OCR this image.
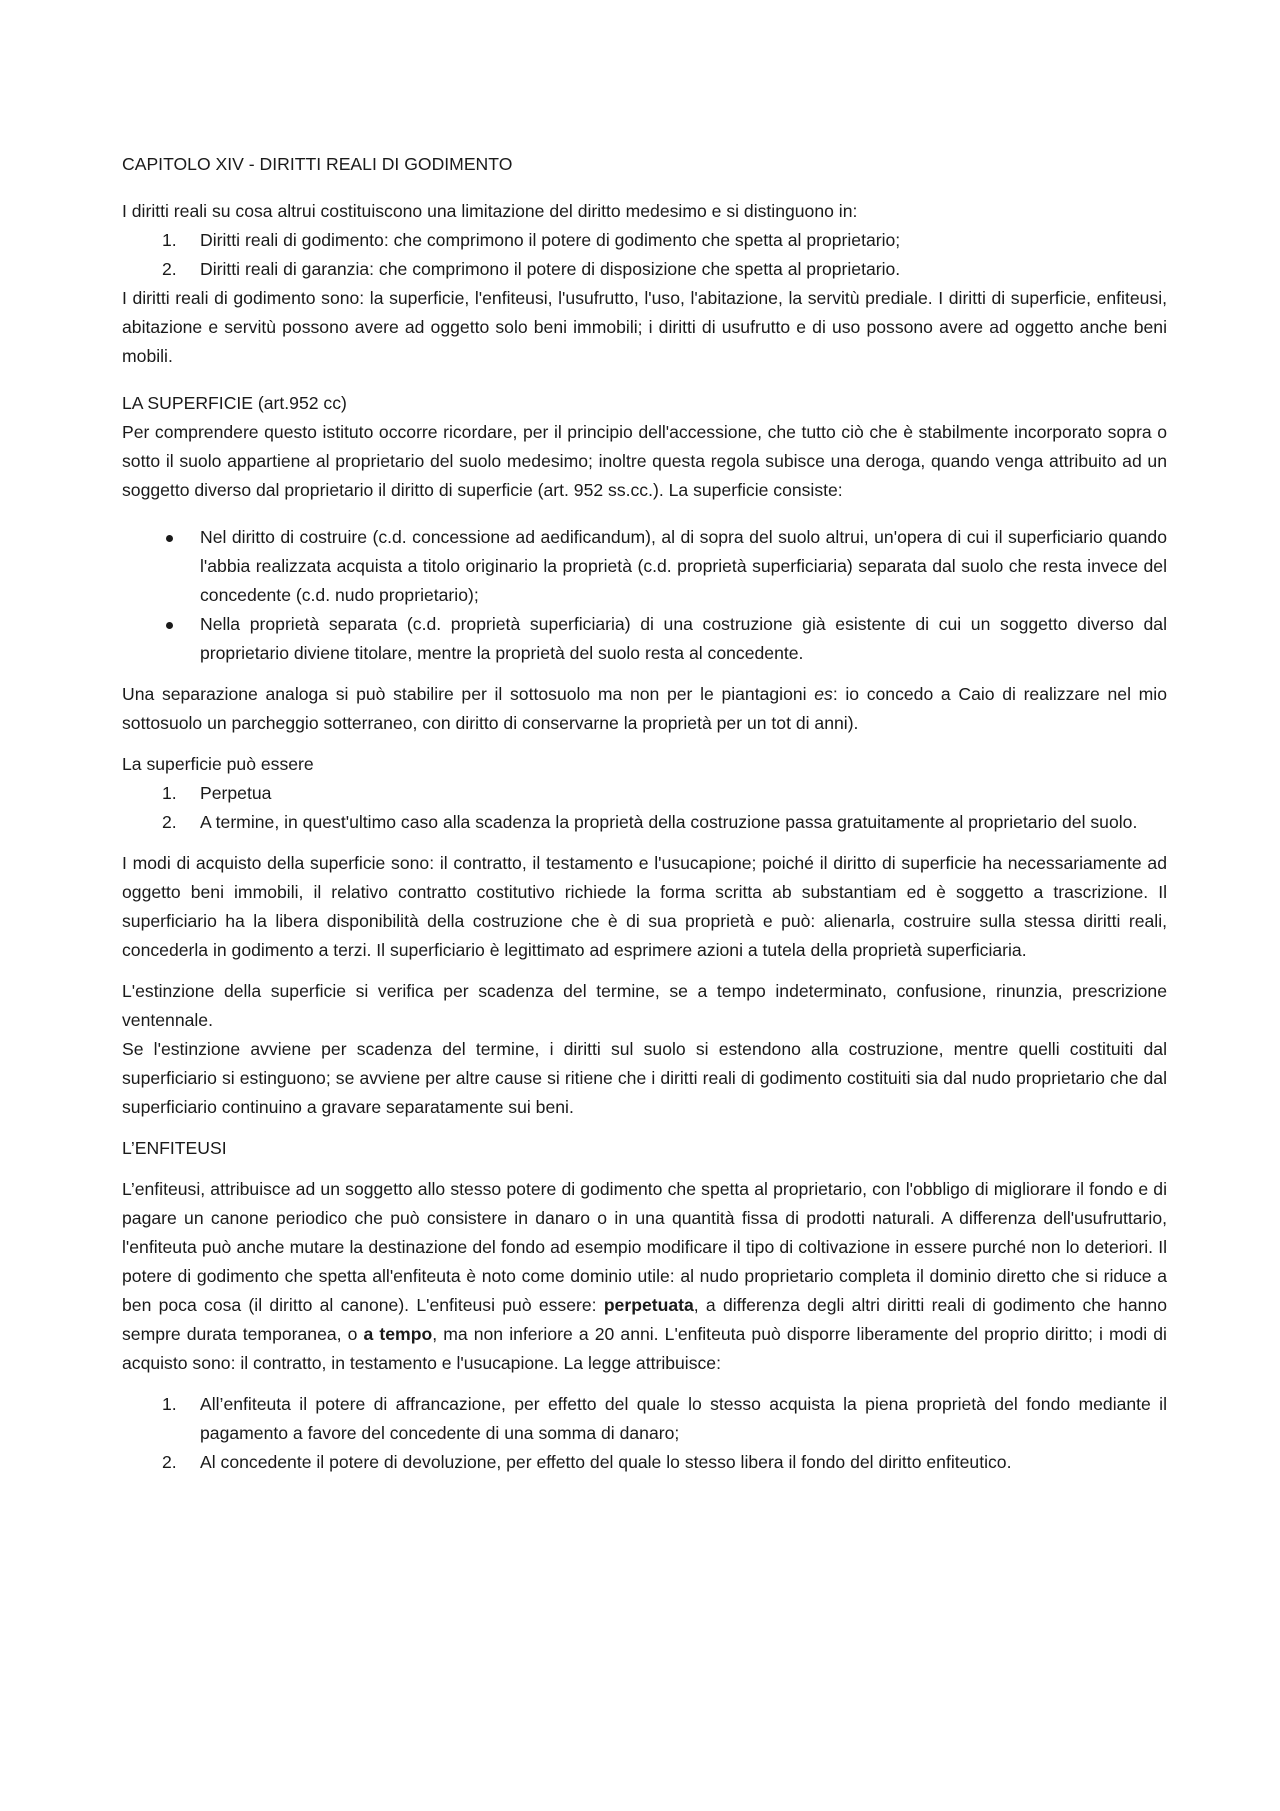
CAPITOLO XIV - DIRITTI REALI DI GODIMENTO

I diritti reali su cosa altrui costituiscono una limitazione del diritto medesimo e si distinguono in:

1. Diritti reali di godimento: che comprimono il potere di godimento che spetta al proprietario;
2. Diritti reali di garanzia: che comprimono il potere di disposizione che spetta al proprietario.

I diritti reali di godimento sono: la superficie, l'enfiteusi, l'usufrutto, l'uso, l'abitazione, la servitù prediale. I diritti di superficie, enfiteusi, abitazione e servitù possono avere ad oggetto solo beni immobili; i diritti di usufrutto e di uso possono avere ad oggetto anche beni mobili.

LA SUPERFICIE (art.952 cc)

Per comprendere questo istituto occorre ricordare, per il principio dell'accessione, che tutto ciò che è stabilmente incorporato sopra o sotto il suolo appartiene al proprietario del suolo medesimo; inoltre questa regola subisce una deroga, quando venga attribuito ad un soggetto diverso dal proprietario il diritto di superficie (art. 952 ss.cc.). La superficie consiste:

Nel diritto di costruire (c.d. concessione ad aedificandum), al di sopra del suolo altrui, un'opera di cui il superficiario quando l'abbia realizzata acquista a titolo originario la proprietà (c.d. proprietà superficiaria) separata dal suolo che resta invece del concedente (c.d. nudo proprietario);
Nella proprietà separata (c.d. proprietà superficiaria) di una costruzione già esistente di cui un soggetto diverso dal proprietario diviene titolare, mentre la proprietà del suolo resta al concedente.

Una separazione analoga si può stabilire per il sottosuolo ma non per le piantagioni es: io concedo a Caio di realizzare nel mio sottosuolo un parcheggio sotterraneo, con diritto di conservarne la proprietà per un tot di anni).

La superficie può essere

1. Perpetua
2. A termine, in quest'ultimo caso alla scadenza la proprietà della costruzione passa gratuitamente al proprietario del suolo.

I modi di acquisto della superficie sono: il contratto, il testamento e l'usucapione; poiché il diritto di superficie ha necessariamente ad oggetto beni immobili, il relativo contratto costitutivo richiede la forma scritta ab substantiam ed è soggetto a trascrizione. Il superficiario ha la libera disponibilità della costruzione che è di sua proprietà e può: alienarla, costruire sulla stessa diritti reali, concederla in godimento a terzi. Il superficiario è legittimato ad esprimere azioni a tutela della proprietà superficiaria.

L'estinzione della superficie si verifica per scadenza del termine, se a tempo indeterminato, confusione, rinunzia, prescrizione ventennale.

Se l'estinzione avviene per scadenza del termine, i diritti sul suolo si estendono alla costruzione, mentre quelli costituiti dal superficiario si estinguono; se avviene per altre cause si ritiene che i diritti reali di godimento costituiti sia dal nudo proprietario che dal superficiario continuino a gravare separatamente sui beni.

L’ENFITEUSI

L’enfiteusi, attribuisce ad un soggetto allo stesso potere di godimento che spetta al proprietario, con l'obbligo di migliorare il fondo e di pagare un canone periodico che può consistere in danaro o in una quantità fissa di prodotti naturali. A differenza dell'usufruttario, l'enfiteuta può anche mutare la destinazione del fondo ad esempio modificare il tipo di coltivazione in essere purché non lo deteriori. Il potere di godimento che spetta all'enfiteuta è noto come dominio utile: al nudo proprietario completa il dominio diretto che si riduce a ben poca cosa (il diritto al canone). L'enfiteusi può essere: perpetuata, a differenza degli altri diritti reali di godimento che hanno sempre durata temporanea, o a tempo, ma non inferiore a 20 anni. L'enfiteuta può disporre liberamente del proprio diritto; i modi di acquisto sono: il contratto, in testamento e l'usucapione. La legge attribuisce:

1. All’enfiteuta il potere di affrancazione, per effetto del quale lo stesso acquista la piena proprietà del fondo mediante il pagamento a favore del concedente di una somma di danaro;
2. Al concedente il potere di devoluzione, per effetto del quale lo stesso libera il fondo del diritto enfiteutico.
